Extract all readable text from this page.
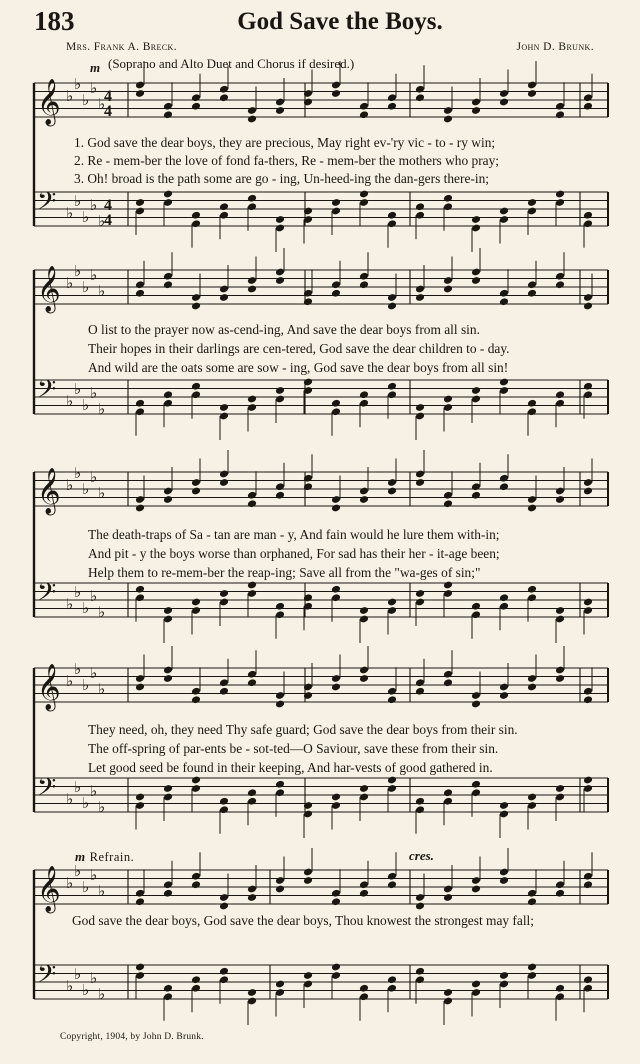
183	God Save the Boys.
Mrs. Frank A. Breck.	John D. Brunk.
(Soprano and Alto Duet and Chorus if desired.)
m
𝄞 ♭
♭
♭
♭
♭
𝄢 ♭
♭
♭
♭
♭
4
4
4
4
𝄞 ♭
♭
♭
♭
♭
𝄢 ♭
♭
♭
♭
♭
𝄞 ♭
♭
♭
♭
♭
𝄢 ♭
♭
♭
♭
♭
𝄞 ♭
♭
♭
♭
♭
𝄢 ♭
♭
♭
♭
♭
𝄞 ♭
♭
♭
♭
♭
𝄢 ♭
♭
♭
♭
♭
1. God save the dear boys, they are precious, May right ev-'ry vic - to - ry win;
2. Re - mem-ber the love of fond fa-thers, Re - mem-ber the mothers who pray;
3. Oh! broad is the path some are go - ing, Un-heed-ing the dan-gers there-in;
O list to the prayer now as-cend-ing, And save the dear boys from all sin.
Their hopes in their darlings are cen-tered, God save the dear children to - day.
And wild are the oats some are sow - ing, God save the dear boys from all sin!
The death-traps of Sa - tan are man - y, And fain would he lure them with-in;
And pit - y the boys worse than orphaned, For sad has their her - it-age been;
Help them to re-mem-ber the reap-ing; Save all from the "wa-ges of sin;"
They need, oh, they need Thy safe guard; God save the dear boys from their sin.
The off-spring of par-ents be - sot-ted—O Saviour, save these from their sin.
Let good seed be found in their keeping, And har-vests of good gathered in.
m Refrain.	cres.
God save the dear boys, God save the dear boys, Thou knowest the strongest may fall;
Copyright, 1904, by John D. Brunk.
